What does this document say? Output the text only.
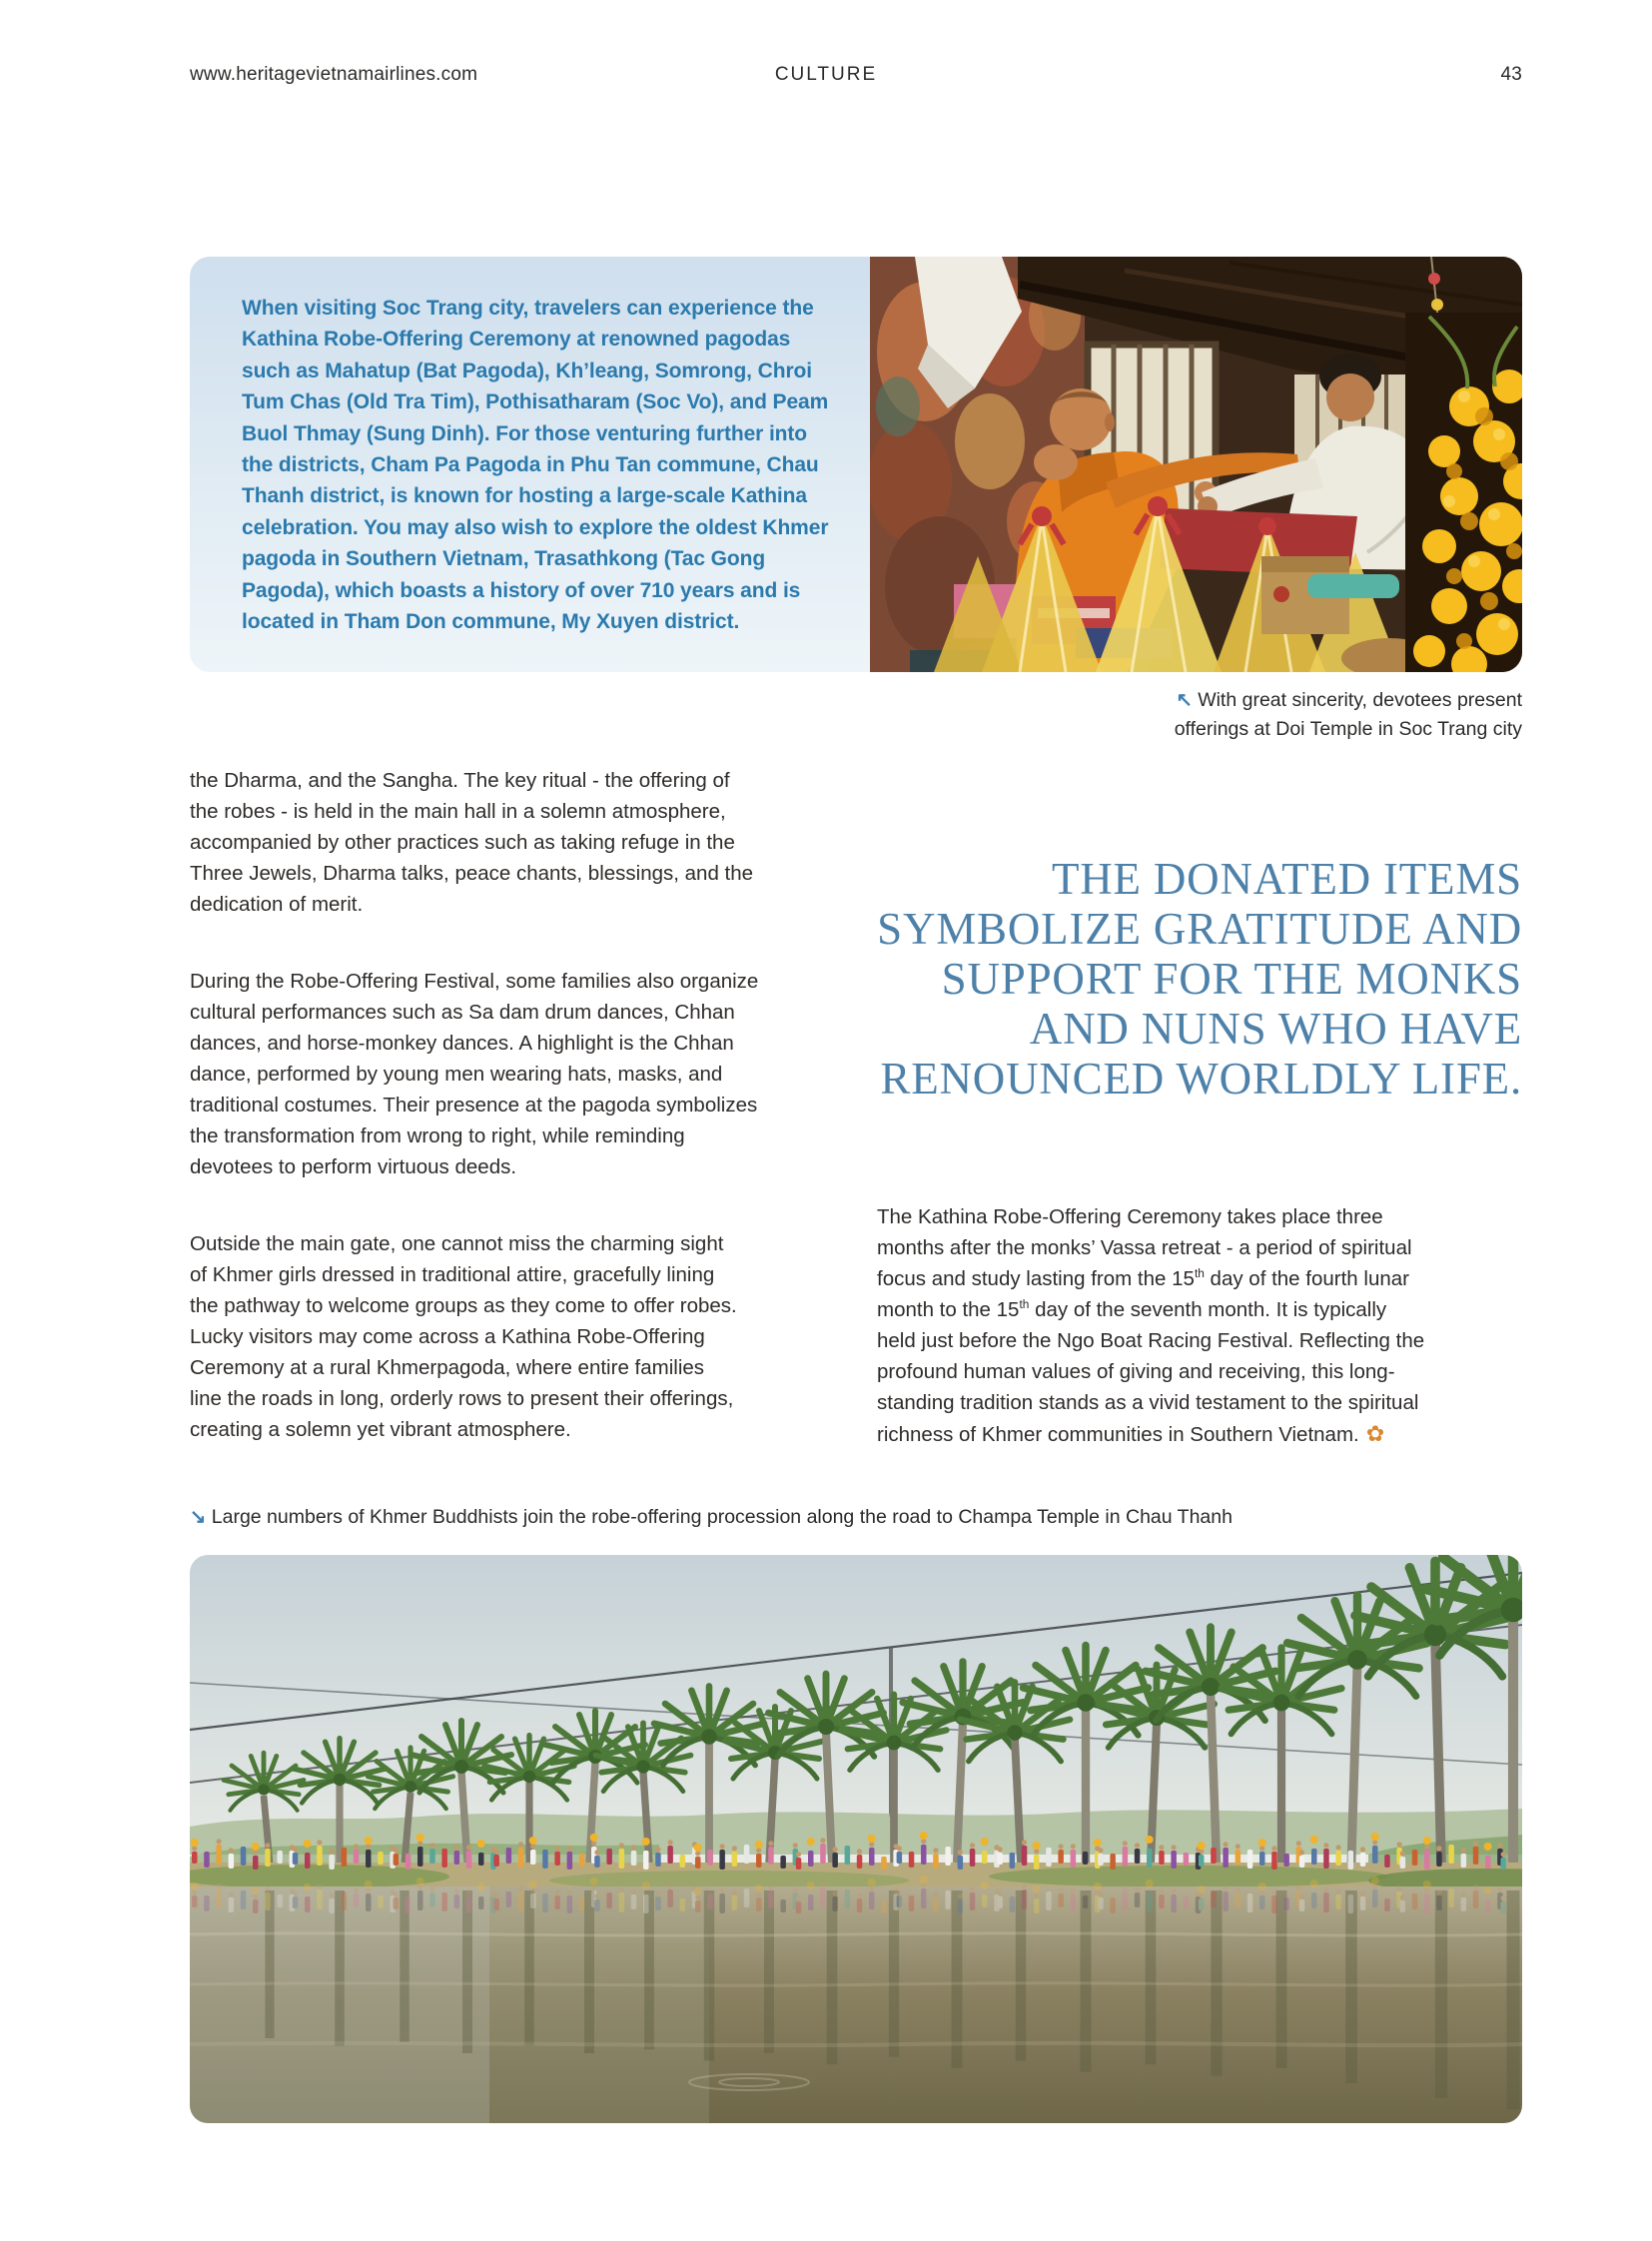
www.heritagevietnamairlines.com	CULTURE	43
When visiting Soc Trang city, travelers can experience the
Kathina Robe-Offering Ceremony at renowned pagodas
such as Mahatup (Bat Pagoda), Kh’leang, Somrong, Chroi
Tum Chas (Old Tra Tim), Pothisatharam (Soc Vo), and Peam
Buol Thmay (Sung Dinh). For those venturing further into
the districts, Cham Pa Pagoda in Phu Tan commune, Chau
Thanh district, is known for hosting a large-scale Kathina
celebration. You may also wish to explore the oldest Khmer
pagoda in Southern Vietnam, Trasathkong (Tac Gong
Pagoda), which boasts a history of over 710 years and is
located in Tham Don commune, My Xuyen district.
↖ With great sincerity, devotees present
offerings at Doi Temple in Soc Trang city
the Dharma, and the Sangha. The key ritual - the offering of
the robes - is held in the main hall in a solemn atmosphere,
accompanied by other practices such as taking refuge in the
Three Jewels, Dharma talks, peace chants, blessings, and the
dedication of merit.
During the Robe-Offering Festival, some families also organize
cultural performances such as Sa dam drum dances, Chhan
dances, and horse-monkey dances. A highlight is the Chhan
dance, performed by young men wearing hats, masks, and
traditional costumes. Their presence at the pagoda symbolizes
the transformation from wrong to right, while reminding
devotees to perform virtuous deeds.
Outside the main gate, one cannot miss the charming sight
of Khmer girls dressed in traditional attire, gracefully lining
the pathway to welcome groups as they come to offer robes.
Lucky visitors may come across a Kathina Robe-Offering
Ceremony at a rural Khmerpagoda, where entire families
line the roads in long, orderly rows to present their offerings,
creating a solemn yet vibrant atmosphere.
THE DONATED ITEMS
SYMBOLIZE GRATITUDE AND
SUPPORT FOR THE MONKS
AND NUNS WHO HAVE
RENOUNCED WORLDLY LIFE.
The Kathina Robe-Offering Ceremony takes place three
months after the monks’ Vassa retreat - a period of spiritual
focus and study lasting from the 15th day of the fourth lunar
month to the 15th day of the seventh month. It is typically
held just before the Ngo Boat Racing Festival. Reflecting the
profound human values of giving and receiving, this long-
standing tradition stands as a vivid testament to the spiritual
richness of Khmer communities in Southern Vietnam. ✿
↘ Large numbers of Khmer Buddhists join the robe-offering procession along the road to Champa Temple in Chau Thanh
